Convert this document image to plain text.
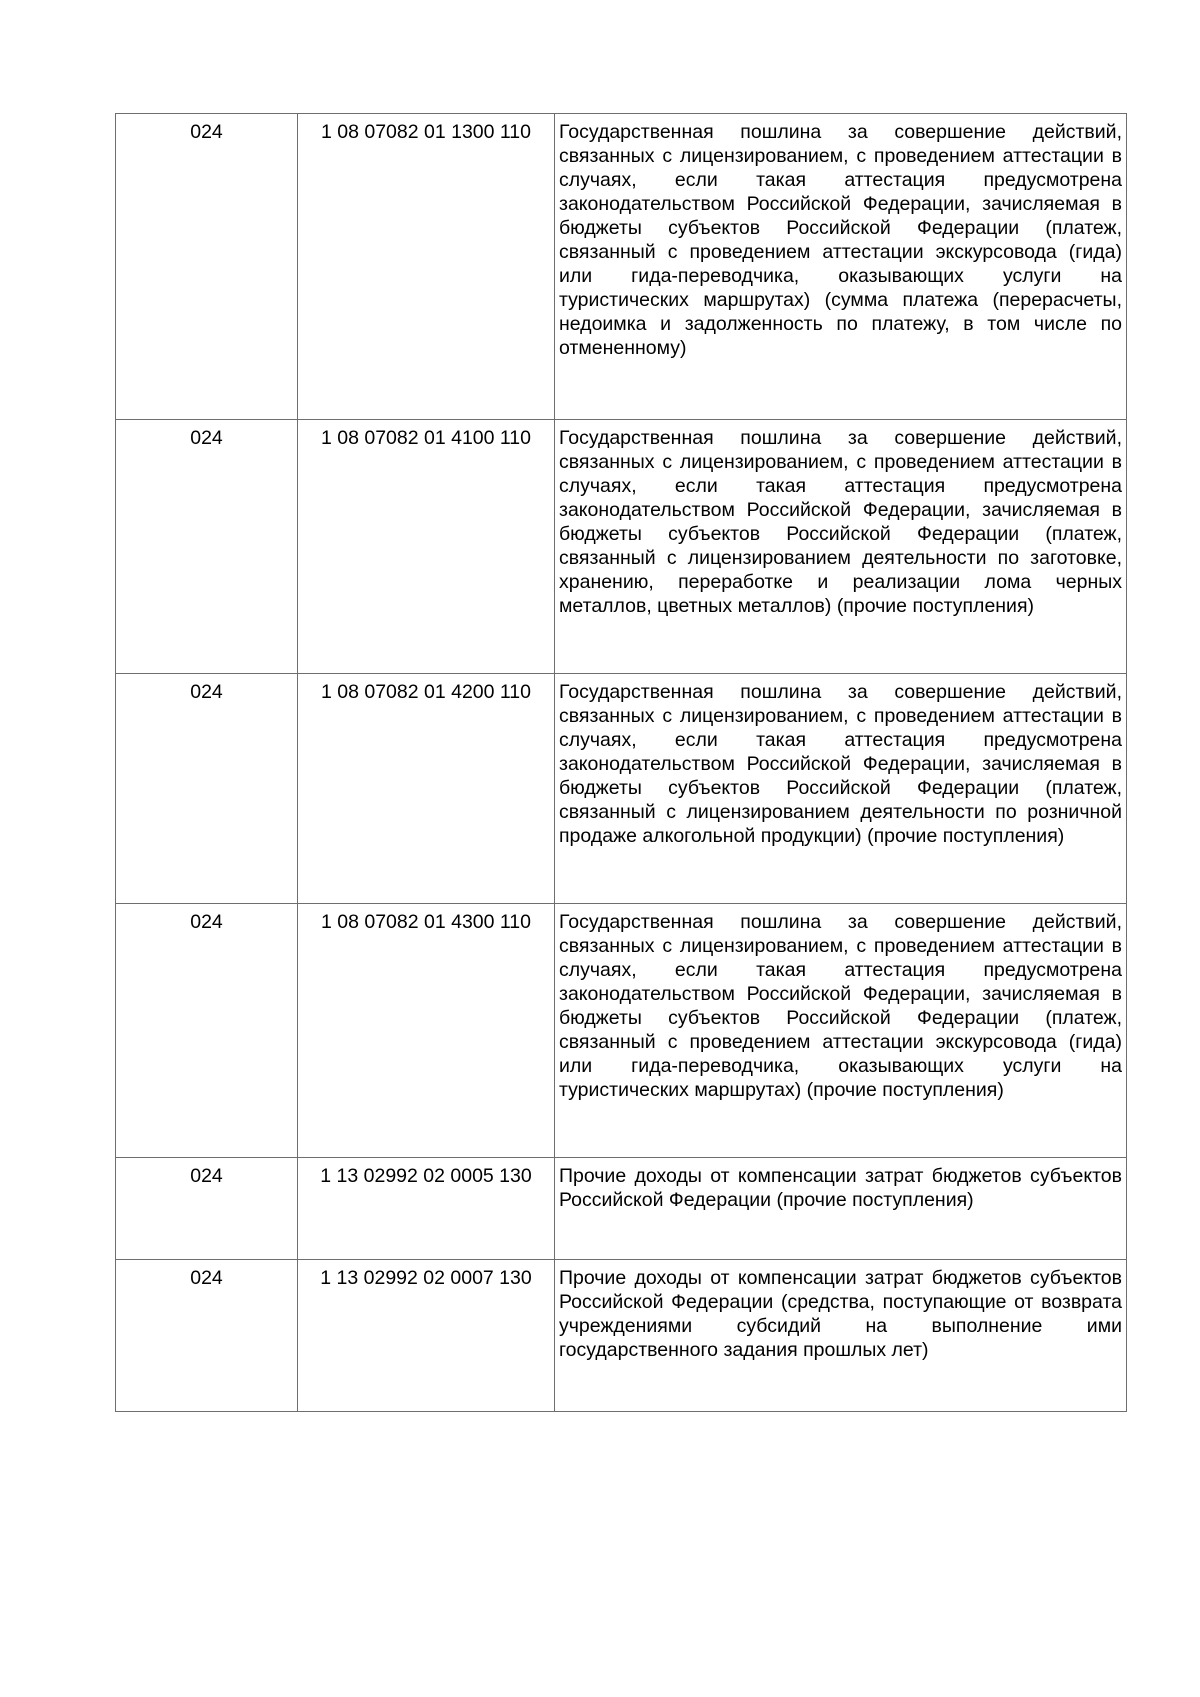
024	1 08 07082 01 1300 110	Государственная пошлина за совершение действий, связанных с лицензированием, с проведением аттестации в случаях, если такая аттестация предусмотрена законодательством Российской Федерации, зачисляемая в бюджеты субъектов Российской Федерации (платеж, связанный с проведением аттестации экскурсовода (гида) или гида-переводчика, оказывающих услуги на туристических маршрутах) (сумма платежа (перерасчеты, недоимка и задолженность по платежу, в том числе по отмененному)
024	1 08 07082 01 4100 110	Государственная пошлина за совершение действий, связанных с лицензированием, с проведением аттестации в случаях, если такая аттестация предусмотрена законодательством Российской Федерации, зачисляемая в бюджеты субъектов Российской Федерации (платеж, связанный с лицензированием деятельности по заготовке, хранению, переработке и реализации лома черных металлов, цветных металлов) (прочие поступления)
024	1 08 07082 01 4200 110	Государственная пошлина за совершение действий, связанных с лицензированием, с проведением аттестации в случаях, если такая аттестация предусмотрена законодательством Российской Федерации, зачисляемая в бюджеты субъектов Российской Федерации (платеж, связанный с лицензированием деятельности по розничной продаже алкогольной продукции) (прочие поступления)
024	1 08 07082 01 4300 110	Государственная пошлина за совершение действий, связанных с лицензированием, с проведением аттестации в случаях, если такая аттестация предусмотрена законодательством Российской Федерации, зачисляемая в бюджеты субъектов Российской Федерации (платеж, связанный с проведением аттестации экскурсовода (гида) или гида-переводчика, оказывающих услуги на туристических маршрутах) (прочие поступления)
024	1 13 02992 02 0005 130	Прочие доходы от компенсации затрат бюджетов субъектов Российской Федерации (прочие поступления)
024	1 13 02992 02 0007 130	Прочие доходы от компенсации затрат бюджетов субъектов Российской Федерации (средства, поступающие от возврата учреждениями субсидий на выполнение ими государственного задания прошлых лет)
